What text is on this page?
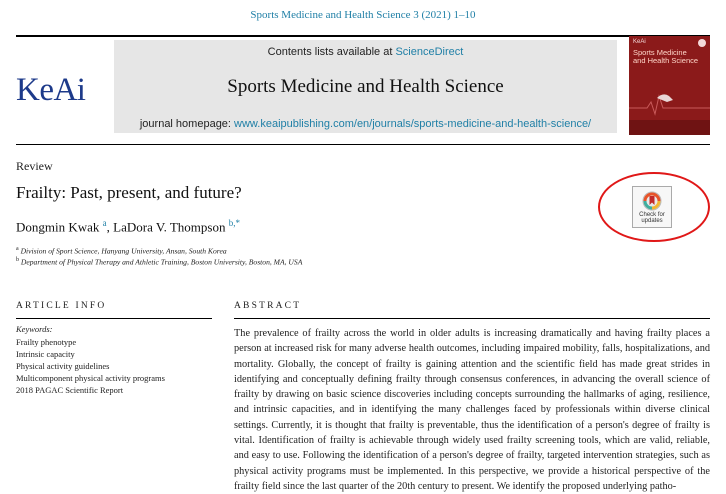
Sports Medicine and Health Science 3 (2021) 1–10
KeAi
Contents lists available at ScienceDirect
Sports Medicine and Health Science
journal homepage: www.keaipublishing.com/en/journals/sports-medicine-and-health-science/
KeAi
Sports Medicine
and Health Science
Review
Frailty: Past, present, and future?
Dongmin Kwak $^a$, LaDora V. Thompson $^{b,*}$
$^a$ Division of Sport Science, Hanyang University, Ansan, South Korea
$^b$ Department of Physical Therapy and Athletic Training, Boston University, Boston, MA, USA
Check for
updates
ARTICLE INFO	ABSTRACT
Keywords:
Frailty phenotype
Intrinsic capacity
Physical activity guidelines
Multicomponent physical activity programs
2018 PAGAC Scientific Report
The prevalence of frailty across the world in older adults is increasing dramatically and having frailty places a person at increased risk for many adverse health outcomes, including impaired mobility, falls, hospitalizations, and mortality. Globally, the concept of frailty is gaining attention and the scientific field has made great strides in identifying and conceptually defining frailty through consensus conferences, in advancing the overall science of frailty by drawing on basic science discoveries including concepts surrounding the hallmarks of aging, resilience, and intrinsic capacities, and in identifying the many challenges faced by professionals within diverse clinical settings. Currently, it is thought that frailty is preventable, thus the identification of a person's degree of frailty is vital. Identification of frailty is achievable through widely used frailty screening tools, which are valid, reliable, and easy to use. Following the identification of a person's degree of frailty, targeted intervention strategies, such as physical activity programs must be implemented. In this perspective, we provide a historical perspective of the frailty field since the last quarter of the 20th century to present. We identify the proposed underlying patho-
